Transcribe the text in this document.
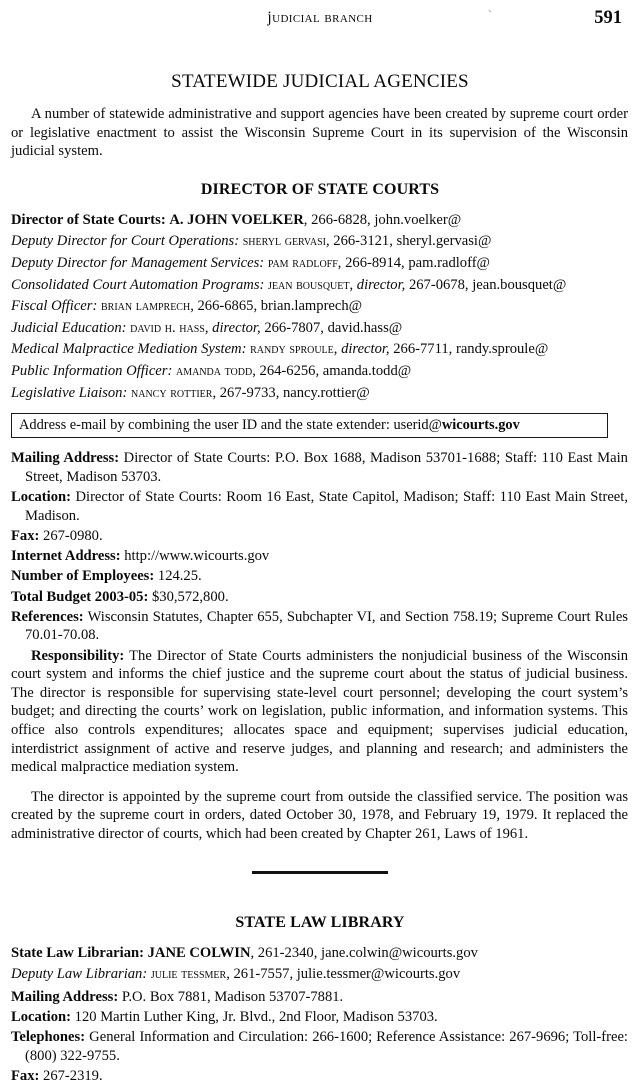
judicial branch	`	591
STATEWIDE JUDICIAL AGENCIES

A number of statewide administrative and support agencies have been created by supreme court order or legislative enactment to assist the Wisconsin Supreme Court in its supervision of the Wisconsin judicial system.

DIRECTOR OF STATE COURTS
Director of State Courts: A. JOHN VOELKER, 266-6828, john.voelker@
Deputy Director for Court Operations: sheryl gervasi, 266-3121, sheryl.gervasi@
Deputy Director for Management Services: pam radloff, 266-8914, pam.radloff@
Consolidated Court Automation Programs: jean bousquet, director, 267-0678, jean.bousquet@
Fiscal Officer: brian lamprech, 266-6865, brian.lamprech@
Judicial Education: david h. hass, director, 266-7807, david.hass@
Medical Malpractice Mediation System: randy sproule, director, 266-7711, randy.sproule@
Public Information Officer: amanda todd, 264-6256, amanda.todd@
Legislative Liaison: nancy rottier, 267-9733, nancy.rottier@
Address e-mail by combining the user ID and the state extender: userid@wicourts.gov
Mailing Address: Director of State Courts: P.O. Box 1688, Madison 53701-1688; Staff: 110 East Main Street, Madison 53703.
Location: Director of State Courts: Room 16 East, State Capitol, Madison; Staff: 110 East Main Street, Madison.
Fax: 267-0980.
Internet Address: http://www.wicourts.gov
Number of Employees: 124.25.
Total Budget 2003-05: $30,572,800.
References: Wisconsin Statutes, Chapter 655, Subchapter VI, and Section 758.19; Supreme Court Rules 70.01-70.08.

Responsibility: The Director of State Courts administers the nonjudicial business of the Wisconsin court system and informs the chief justice and the supreme court about the status of judicial business. The director is responsible for supervising state-level court personnel; developing the court system’s budget; and directing the courts’ work on legislation, public information, and information systems. This office also controls expenditures; allocates space and equipment; supervises judicial education, interdistrict assignment of active and reserve judges, and planning and research; and administers the medical malpractice mediation system.

The director is appointed by the supreme court from outside the classified service. The position was created by the supreme court in orders, dated October 30, 1978, and February 19, 1979. It replaced the administrative director of courts, which had been created by Chapter 261, Laws of 1961.

STATE LAW LIBRARY
State Law Librarian: JANE COLWIN, 261-2340, jane.colwin@wicourts.gov
Deputy Law Librarian: julie tessmer, 261-7557, julie.tessmer@wicourts.gov
Mailing Address: P.O. Box 7881, Madison 53707-7881.
Location: 120 Martin Luther King, Jr. Blvd., 2nd Floor, Madison 53703.
Telephones: General Information and Circulation: 266-1600; Reference Assistance: 267-9696; Toll-free: (800) 322-9755.
Fax: 267-2319.
